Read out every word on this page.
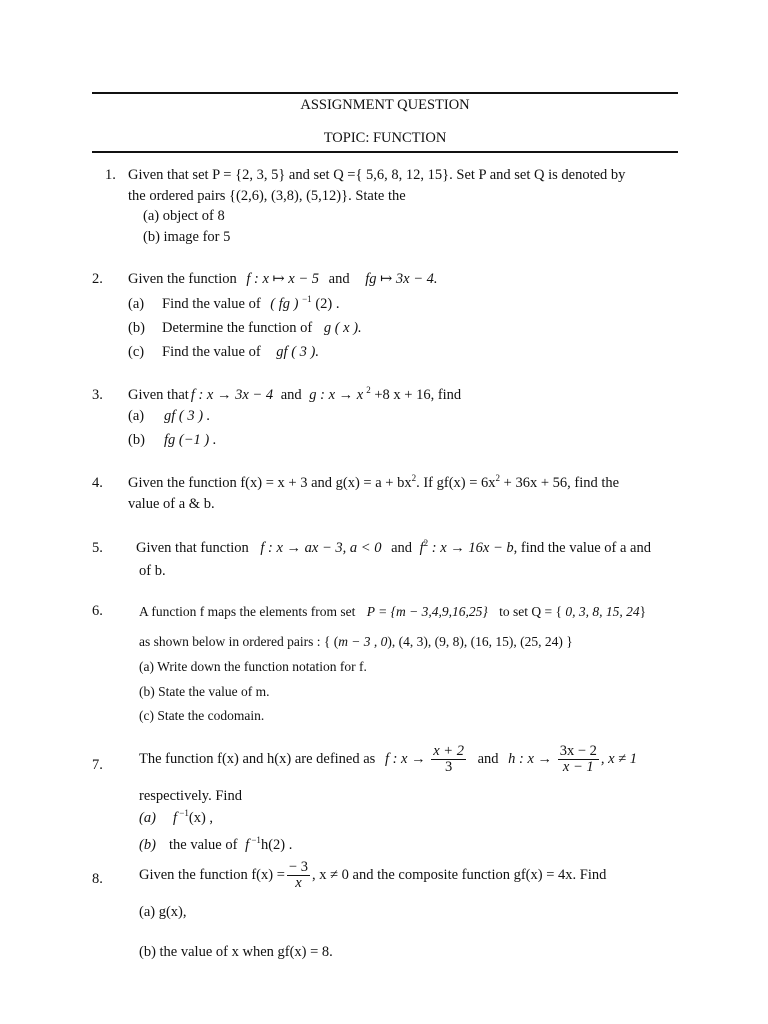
ASSIGNMENT QUESTION
TOPIC: FUNCTION
1. Given that set P = {2, 3, 5} and set Q ={ 5,6, 8, 12, 15}. Set P and set Q is denoted by
the ordered pairs {(2,6), (3,8), (5,12)}. State the
(a) object of 8
(b) image for 5
2. Given the function f : x ↦ x − 5 and fg ↦ 3x − 4.
(a) Find the value of ( fg ) $^{-1}$ (2) .
(b) Determine the function of g ( x ).
(c) Find the value of gf ( 3 ).
3. Given that f : x → 3x − 4 and g : x → x $^2$ +8 x + 16, find
(a) gf ( 3 ) .
(b) fg (−1 ) .
4. Given the function f(x) = x + 3 and $g(x) = a + bx^2$. If $gf(x) = 6x^2 + 36x + 56$, find the
value of a & b.
5. Given that function f : x → ax − 3, a < 0 and $f^2$ : x → 16x − b, find the value of a and
of b.
6.	A function f maps the elements from set P = {m − 3,4,9,16,25} to set Q = { 0, 3, 8, 15, 24}
as shown below in ordered pairs : { (m − 3 , 0), (4, 3), (9, 8), (16, 15), (25, 24) }
(a) Write down the function notation for f.
(b) State the value of m.
(c) State the codomain.
7. The function f(x) and h(x) are defined as f : $x \to \frac{x + 2}{3}$ and h : $x \to \frac{3x - 2}{x - 1}$ , x ≠ 1
respectively. Find
(a) f $^{-1}$(x) ,
(b) the value of f $^{-1}$h(2) .
8. Given the function $f(x) = \frac{- 3}{x}$ , x ≠ 0 and the composite function gf(x) = 4x. Find
(a) g(x),
(b) the value of x when gf(x) = 8.
